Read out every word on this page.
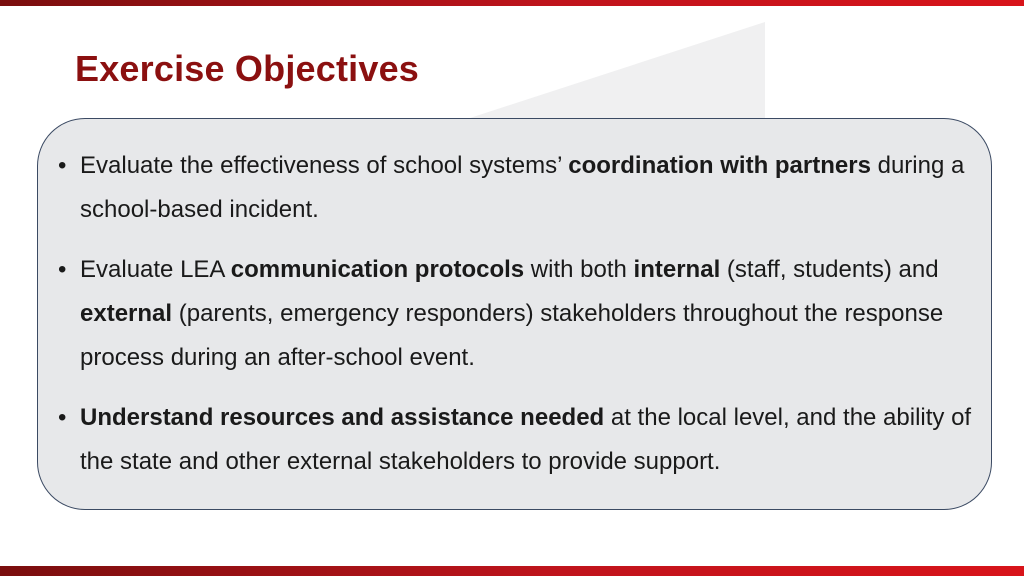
Exercise Objectives
• Evaluate the effectiveness of school systems’ coordination with partners during a school-based incident.
• Evaluate LEA communication protocols with both internal (staff, students) and external (parents, emergency responders) stakeholders throughout the response process during an after-school event.
• Understand resources and assistance needed at the local level, and the ability of the state and other external stakeholders to provide support.
